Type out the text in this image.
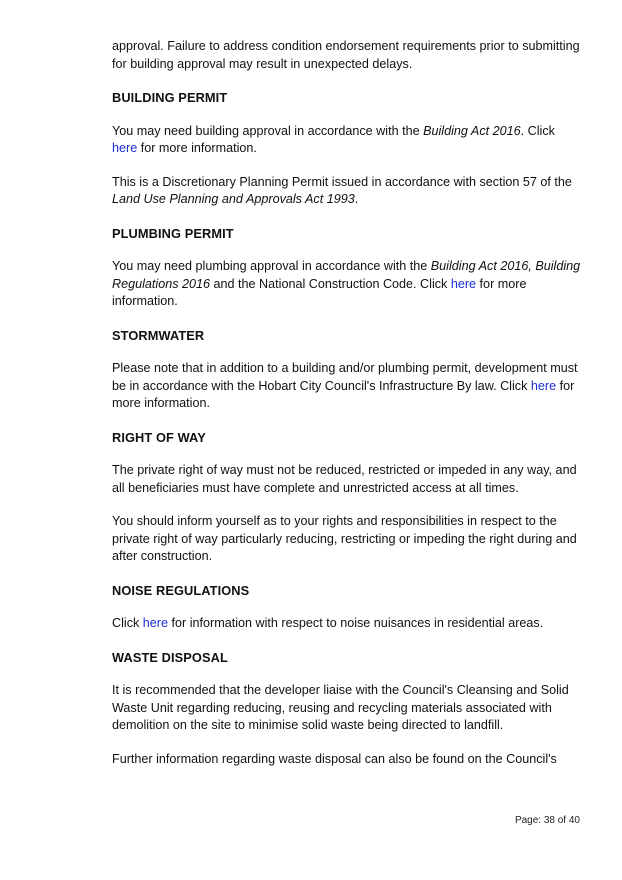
approval. Failure to address condition endorsement requirements prior to submitting for building approval may result in unexpected delays.

BUILDING PERMIT

You may need building approval in accordance with the Building Act 2016. Click
here for more information.

This is a Discretionary Planning Permit issued in accordance with section 57 of the Land Use Planning and Approvals Act 1993.

PLUMBING PERMIT

You may need plumbing approval in accordance with the Building Act 2016, Building Regulations 2016 and the National Construction Code. Click here for more information.

STORMWATER

Please note that in addition to a building and/or plumbing permit, development must be in accordance with the Hobart City Council's Infrastructure By law. Click here for more information.

RIGHT OF WAY

The private right of way must not be reduced, restricted or impeded in any way, and all beneficiaries must have complete and unrestricted access at all times.

You should inform yourself as to your rights and responsibilities in respect to the private right of way particularly reducing, restricting or impeding the right during and after construction.

NOISE REGULATIONS

Click here for information with respect to noise nuisances in residential areas.

WASTE DISPOSAL

It is recommended that the developer liaise with the Council's Cleansing and Solid Waste Unit regarding reducing, reusing and recycling materials associated with demolition on the site to minimise solid waste being directed to landfill.

Further information regarding waste disposal can also be found on the Council's

Page: 38 of 40
